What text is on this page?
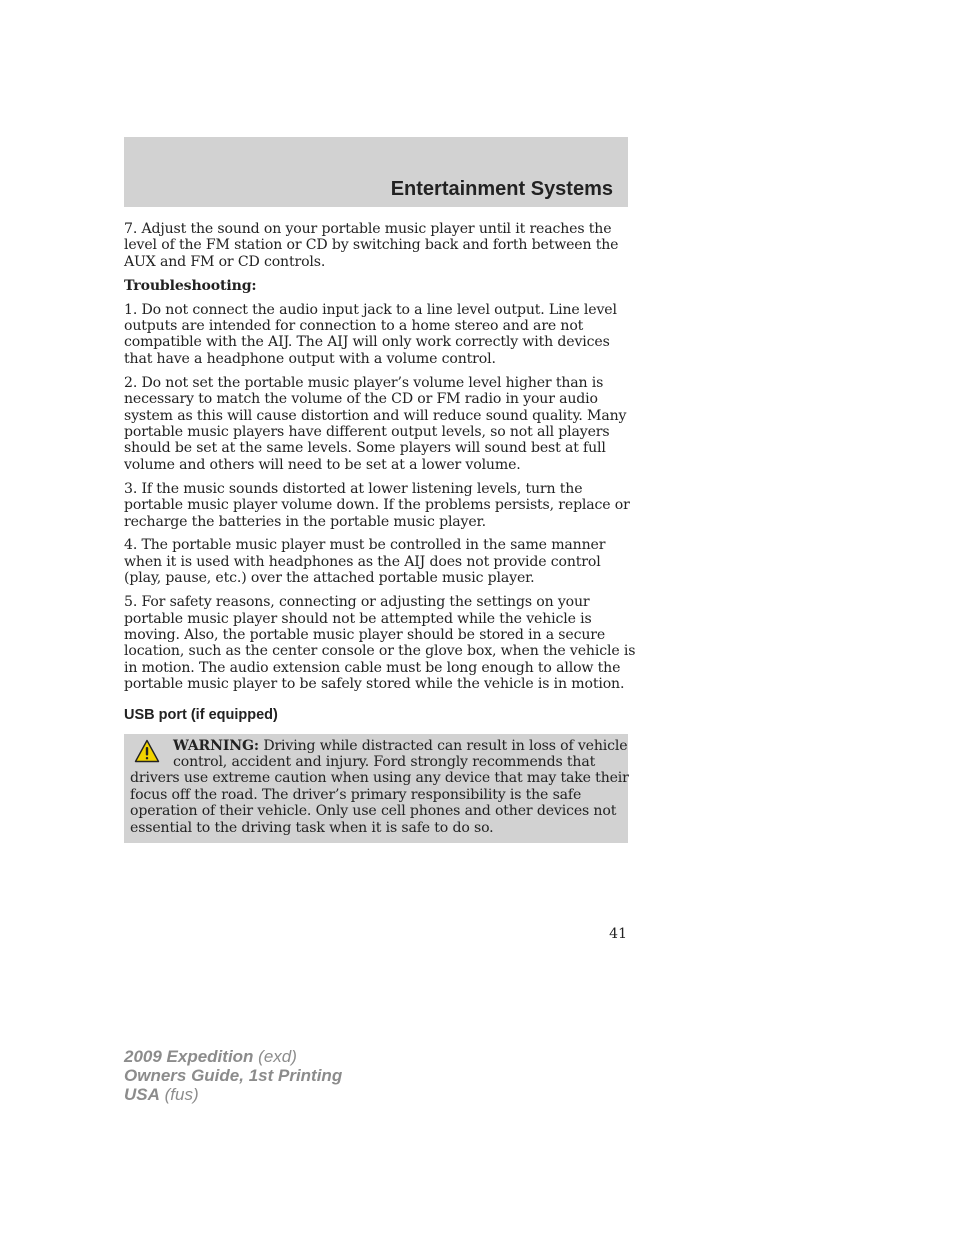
Entertainment Systems

7. Adjust the sound on your portable music player until it reaches the
level of the FM station or CD by switching back and forth between the
AUX and FM or CD controls.

Troubleshooting:

1. Do not connect the audio input jack to a line level output. Line level
outputs are intended for connection to a home stereo and are not
compatible with the AIJ. The AIJ will only work correctly with devices
that have a headphone output with a volume control.

2. Do not set the portable music player’s volume level higher than is
necessary to match the volume of the CD or FM radio in your audio
system as this will cause distortion and will reduce sound quality. Many
portable music players have different output levels, so not all players
should be set at the same levels. Some players will sound best at full
volume and others will need to be set at a lower volume.

3. If the music sounds distorted at lower listening levels, turn the
portable music player volume down. If the problems persists, replace or
recharge the batteries in the portable music player.

4. The portable music player must be controlled in the same manner
when it is used with headphones as the AIJ does not provide control
(play, pause, etc.) over the attached portable music player.

5. For safety reasons, connecting or adjusting the settings on your
portable music player should not be attempted while the vehicle is
moving. Also, the portable music player should be stored in a secure
location, such as the center console or the glove box, when the vehicle is
in motion. The audio extension cable must be long enough to allow the
portable music player to be safely stored while the vehicle is in motion.

USB port (if equipped)
WARNING: Driving while distracted can result in loss of vehicle
control, accident and injury. Ford strongly recommends that
drivers use extreme caution when using any device that may take their
focus off the road. The driver’s primary responsibility is the safe
operation of their vehicle. Only use cell phones and other devices not
essential to the driving task when it is safe to do so.
41
2009 Expedition (exd)
Owners Guide, 1st Printing
USA (fus)
